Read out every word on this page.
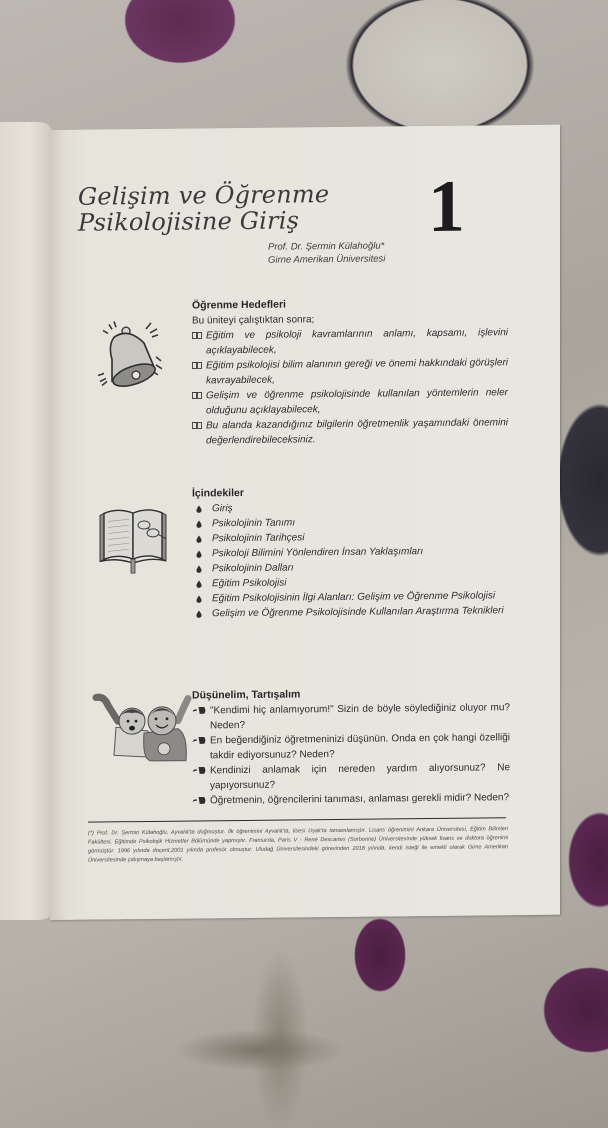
Gelişim ve Öğrenme
Psikolojisine Giriş	1
Prof. Dr. Şermin Külahoğlu*
Girne Amerikan Üniversitesi
Öğrenme Hedefleri
Bu üniteyi çalıştıktan sonra;
Eğitim ve psikoloji kavramlarının anlamı, kapsamı, işlevini açıklayabilecek,
Eğitim psikolojisi bilim alanının gereği ve önemi hakkındaki görüşleri kavrayabilecek,
Gelişim ve öğrenme psikolojisinde kullanılan yöntemlerin neler olduğunu açıklayabilecek,
Bu alanda kazandığınız bilgilerin öğretmenlik yaşamındaki önemini değerlendirebileceksiniz.
İçindekiler
Giriş
Psikolojinin Tanımı
Psikolojinin Tarihçesi
Psikoloji Bilimini Yönlendiren İnsan Yaklaşımları
Psikolojinin Dalları
Eğitim Psikolojisi
Eğitim Psikolojisinin İlgi Alanları: Gelişim ve Öğrenme Psikolojisi
Gelişim ve Öğrenme Psikolojisinde Kullanılan Araştırma Teknikleri
Düşünelim, Tartışalım
"Kendimi hiç anlamıyorum!" Sizin de böyle söylediğiniz oluyor mu? Neden?
En beğendiğiniz öğretmeninizi düşünün. Onda en çok hangi özelliği takdir ediyorsunuz? Neden?
Kendinizi anlamak için nereden yardım alıyorsunuz? Ne yapıyorsunuz?
Öğretmenin, öğrencilerini tanıması, anlaması gerekli midir? Neden?
(*) Prof. Dr. Şermin Külahoğlu, Ayvalık'ta doğmuştur. İlk öğrenimini Ayvalık'ta, lisesi Uşak'ta tamamlamıştır. Lisans öğrenimini Ankara Üniversitesi, Eğitim Bilimleri Fakültesi, Eğitimde Psikolojik Hizmetler Bölümünde yapmıştır. Fransa'da, Paris V - René Descartes (Sorbonne) Üniversitesinde yüksek lisans ve doktora öğrenimi görmüştür. 1996 yılında doçent,2001 yılında profesör olmuştur. Uludağ Üniversitesindeki görevinden 2018 yılında, kendi isteği ile emekli olarak Girne Amerikan Üniversitesinde çalışmaya başlamıştır.
